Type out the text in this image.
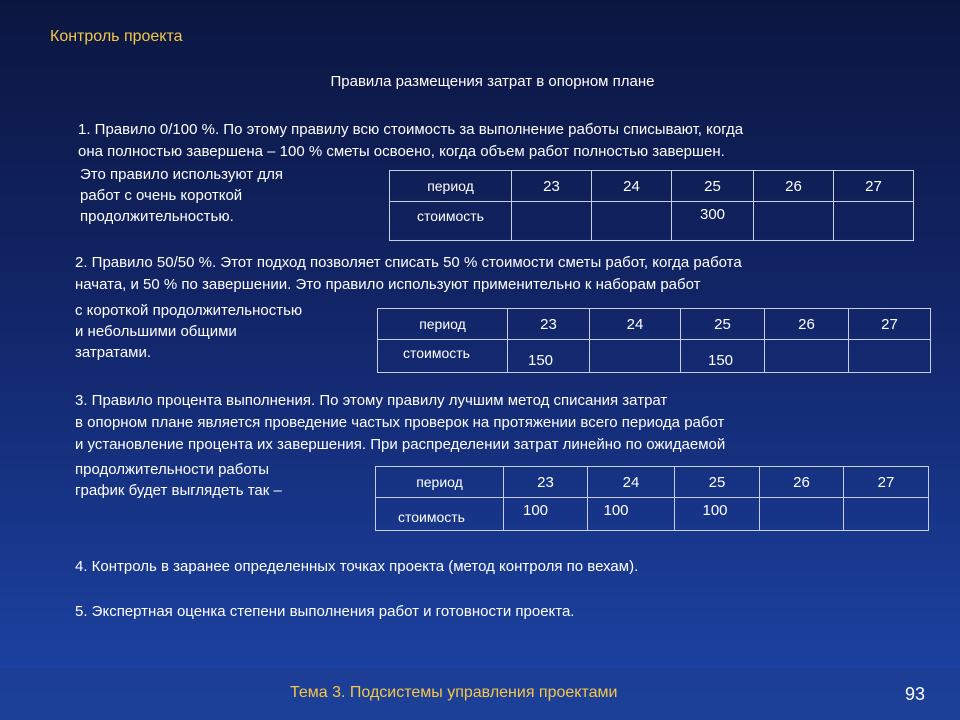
Контроль проекта
Правила размещения затрат в опорном плане
1. Правило 0/100 %. По этому правилу всю стоимость за выполнение работы списывают, когда
она полностью завершена – 100 % сметы освоено, когда объем работ полностью завершен.
Это правило используют для
работ с очень короткой
продолжительностью.
период	23	24	25	26	27
стоимость			300		
2. Правило 50/50 %. Этот подход позволяет списать 50 % стоимости сметы работ, когда работа
начата, и 50 % по завершении. Это правило используют применительно к наборам работ
с короткой продолжительностью
и небольшими общими
затратами.
период	23	24	25	26	27
стоимость	150		150		
3. Правило процента выполнения. По этому правилу лучшим метод списания затрат
в опорном плане является проведение частых проверок на протяжении всего периода работ
и установление процента их завершения. При распределении затрат линейно по ожидаемой
продолжительности работы
график будет выглядеть так –	период	23	24	25	26	27
стоимость	100	100	100		
4. Контроль в заранее определенных точках проекта (метод контроля по вехам).
5. Экспертная оценка степени выполнения работ и готовности проекта.
Тема 3. Подсистемы управления проектами	93
